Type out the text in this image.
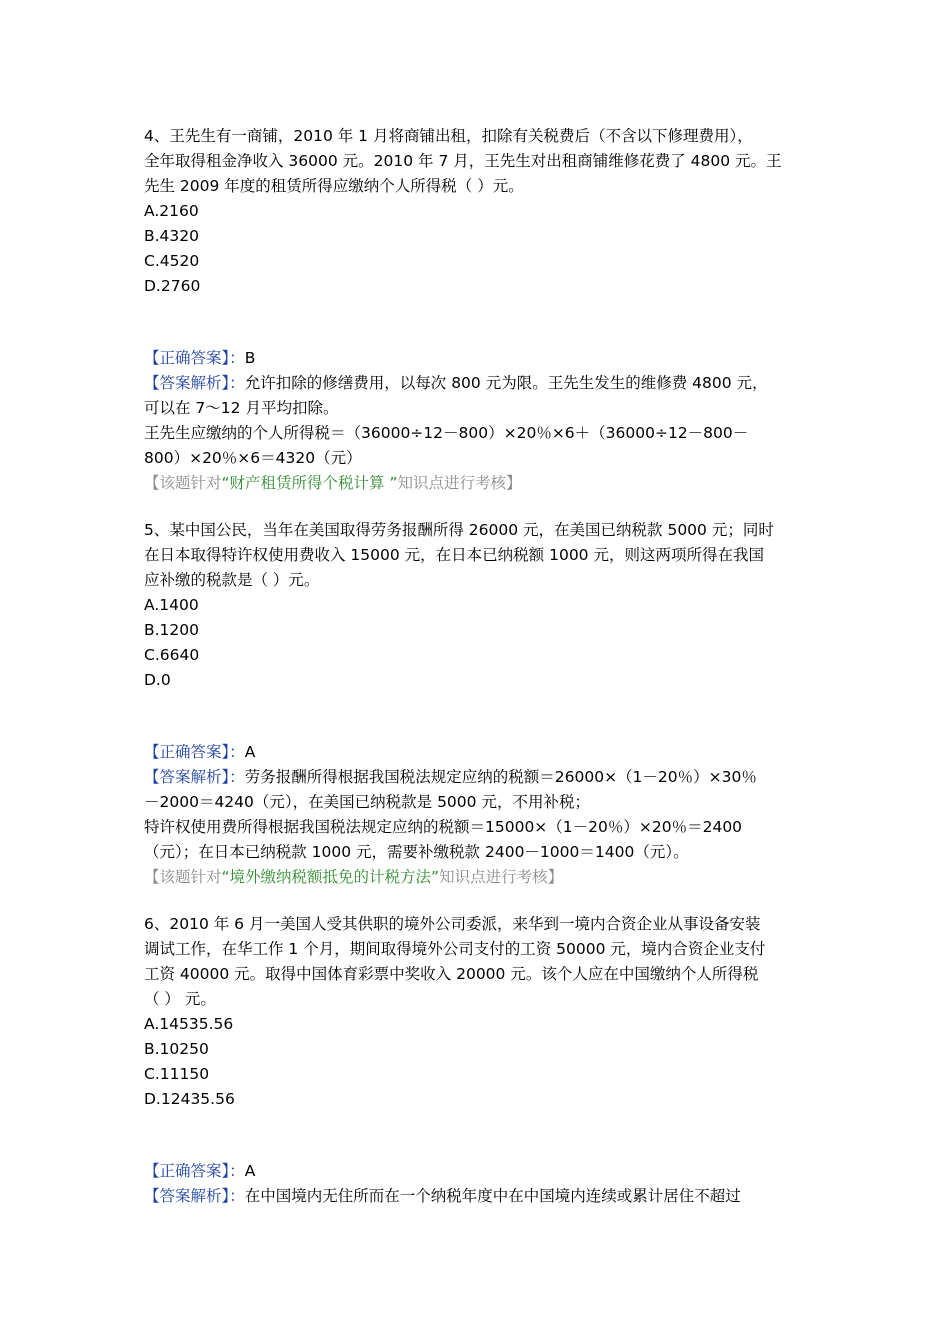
4、王先生有一商铺，2010 年 1 月将商铺出租，扣除有关税费后（不含以下修理费用），
全年取得租金净收入 36000 元。2010 年 7 月，王先生对出租商铺维修花费了 4800 元。王
先生 2009 年度的租赁所得应缴纳个人所得税（ ）元。
A.2160
B.4320
C.4520
D.2760
【正确答案】：B
【答案解析】：允许扣除的修缮费用，以每次 800 元为限。王先生发生的维修费 4800 元，
可以在 7～12 月平均扣除。
王先生应缴纳的个人所得税＝（36000÷12－800）×20％×6＋（36000÷12－800－
800）×20％×6＝4320（元）
【该题针对“财产租赁所得个税计算 ”知识点进行考核】
5、某中国公民，当年在美国取得劳务报酬所得 26000 元，在美国已纳税款 5000 元；同时
在日本取得特许权使用费收入 15000 元，在日本已纳税额 1000 元，则这两项所得在我国
应补缴的税款是（ ）元。
A.1400
B.1200
C.6640
D.0
【正确答案】：A
【答案解析】：劳务报酬所得根据我国税法规定应纳的税额＝26000×（1－20％）×30％
－2000＝4240（元），在美国已纳税款是 5000 元，不用补税；
特许权使用费所得根据我国税法规定应纳的税额＝15000×（1－20％）×20％＝2400
（元）；在日本已纳税款 1000 元，需要补缴税款 2400－1000＝1400（元）。
【该题针对“境外缴纳税额抵免的计税方法”知识点进行考核】
6、2010 年 6 月一美国人受其供职的境外公司委派，来华到一境内合资企业从事设备安装
调试工作，在华工作 1 个月，期间取得境外公司支付的工资 50000 元，境内合资企业支付
工资 40000 元。取得中国体育彩票中奖收入 20000 元。该个人应在中国缴纳个人所得税
（ ） 元。
A.14535.56
B.10250
C.11150
D.12435.56
【正确答案】：A
【答案解析】：在中国境内无住所而在一个纳税年度中在中国境内连续或累计居住不超过
